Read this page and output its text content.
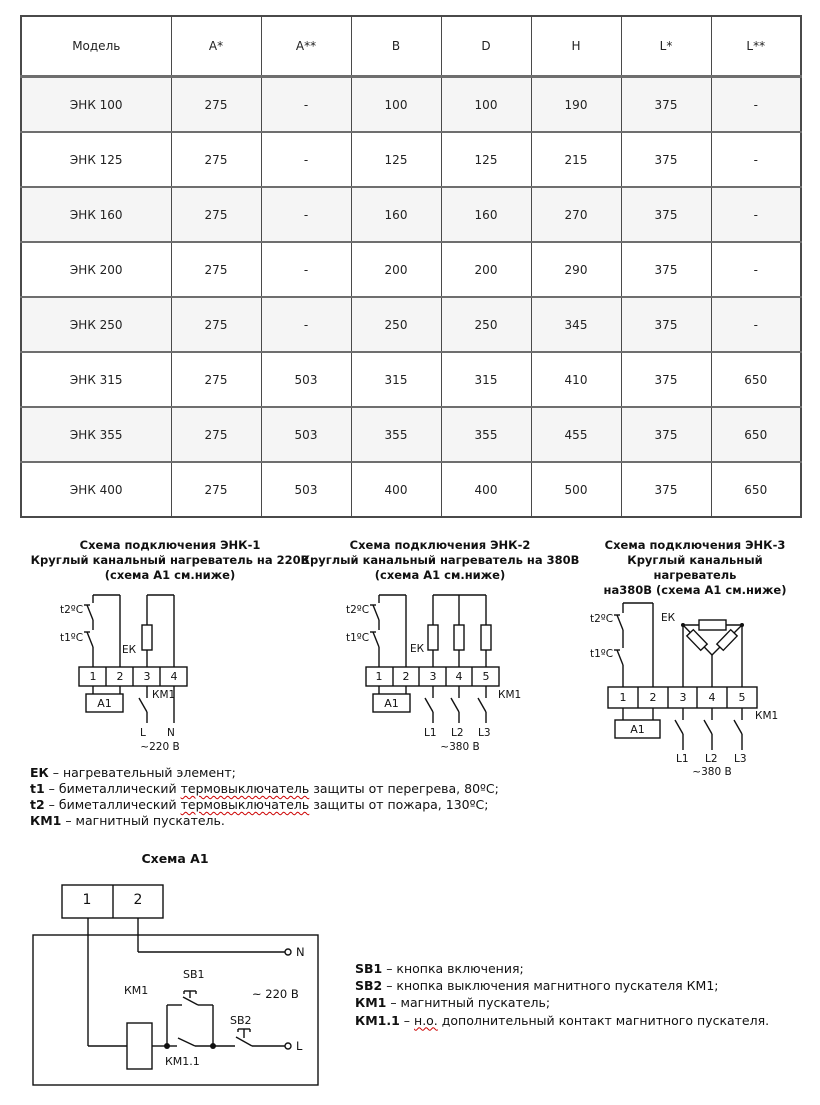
Модель	A*	A**	B	D	H	L*	L**
ЭНК 100	275	-	100	100	190	375	-
ЭНК 125	275	-	125	125	215	375	-
ЭНК 160	275	-	160	160	270	375	-
ЭНК 200	275	-	200	200	290	375	-
ЭНК 250	275	-	250	250	345	375	-
ЭНК 315	275	503	315	315	410	375	650
ЭНК 355	275	503	355	355	455	375	650
ЭНК 400	275	503	400	400	500	375	650
Схема подключения ЭНК-1
Круглый канальный нагреватель на 220В
(схема А1 см.ниже)
Схема подключения ЭНК-2
Круглый канальный нагреватель на 380В
(схема А1 см.ниже)
Схема подключения ЭНК-3
Круглый канальный нагреватель
на380В (схема А1 см.ниже)
t2ºС
t1ºС
ЕК
1	2	3	4
А1
КМ1
L N
~220 В
t2ºС
t1ºС
ЕК
1	2	3	4	5
А1
КМ1
L1 L2 L3
~380 В
t2ºС
t1ºС
ЕК
1	2	3	4	5
А1
КМ1
L1 L2 L3
~380 В
ЕК – нагревательный элемент;
t1 – биметаллический термовыключатель защиты от перегрева, 80ºС;
t2 – биметаллический термовыключатель защиты от пожара, 130ºС;
КМ1 – магнитный пускатель.
Схема А1
1	2
N
L
КМ1
SB1
SB2
КМ1.1
~ 220 В
SB1 – кнопка включения;
SB2 – кнопка выключения магнитного пускателя КМ1;
КМ1 – магнитный пускатель;
КМ1.1 – н.о. дополнительный контакт магнитного пускателя.
